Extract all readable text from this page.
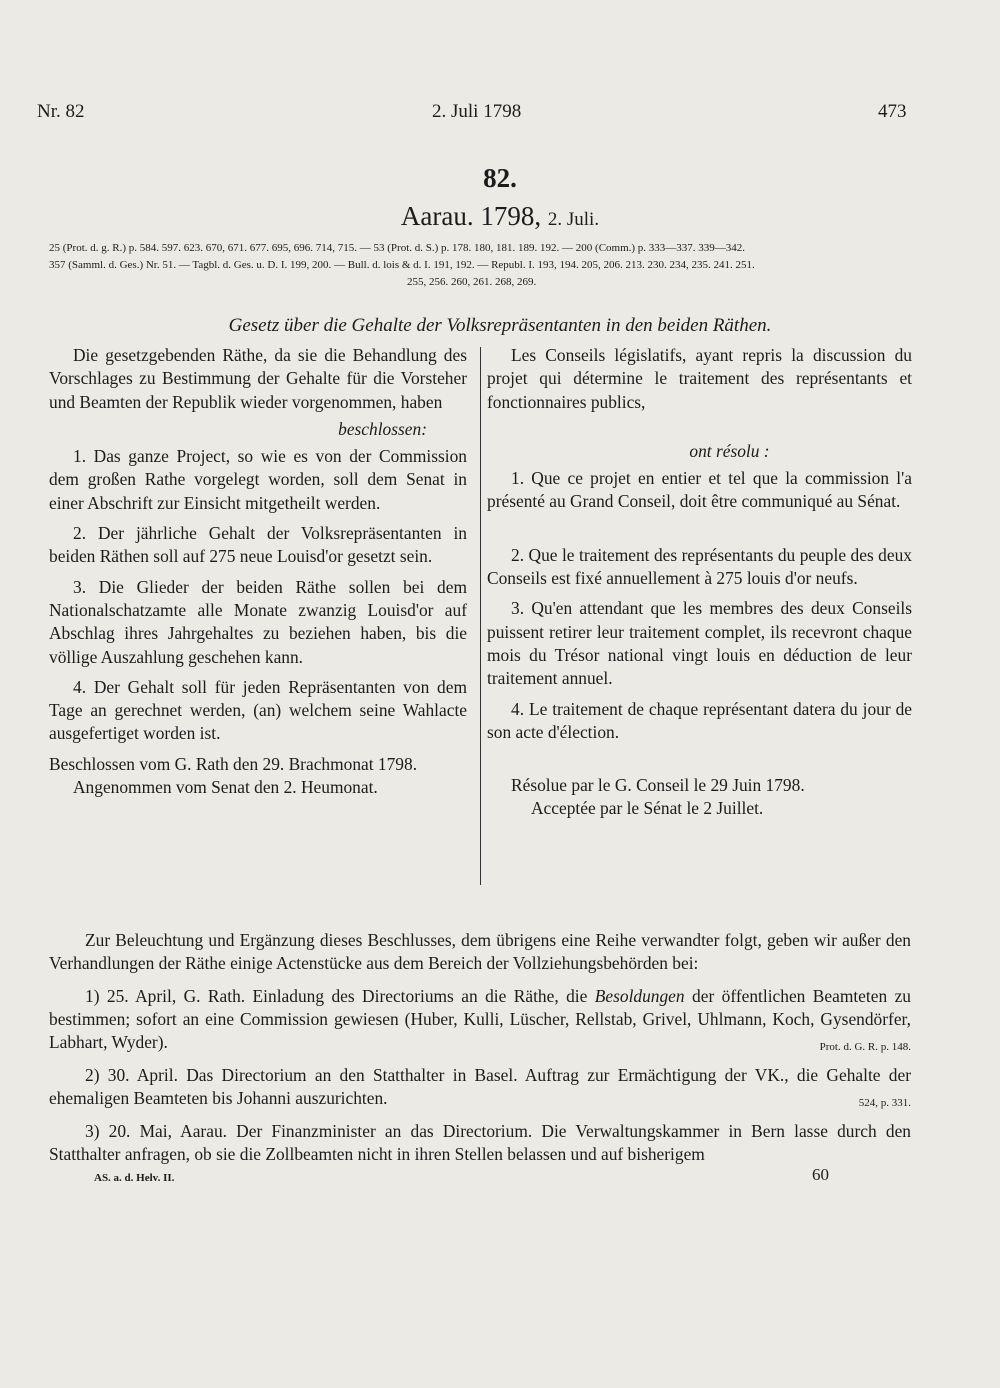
Nr. 82	2. Juli 1798	473
82.
Aarau. 1798, 2. Juli.
25 (Prot. d. g. R.) p. 584. 597. 623. 670, 671. 677. 695, 696. 714, 715. — 53 (Prot. d. S.) p. 178. 180, 181. 189. 192. — 200 (Comm.) p. 333—337. 339—342.
357 (Samml. d. Ges.) Nr. 51. — Tagbl. d. Ges. u. D. I. 199, 200. — Bull. d. lois & d. I. 191, 192. — Republ. I. 193, 194. 205, 206. 213. 230. 234, 235. 241. 251.
255, 256. 260, 261. 268, 269.
Gesetz über die Gehalte der Volksrepräsentanten in den beiden Räthen.

Die gesetzgebenden Räthe, da sie die Behandlung des Vorschlages zu Bestimmung der Gehalte für die Vorsteher und Beamten der Republik wieder vorgenommen, haben

beschlossen:

1. Das ganze Project, so wie es von der Commission dem großen Rathe vorgelegt worden, soll dem Senat in einer Abschrift zur Einsicht mitgetheilt werden.

2. Der jährliche Gehalt der Volksrepräsentanten in beiden Räthen soll auf 275 neue Louisd'or gesetzt sein.

3. Die Glieder der beiden Räthe sollen bei dem Nationalschatzamte alle Monate zwanzig Louisd'or auf Abschlag ihres Jahrgehaltes zu beziehen haben, bis die völlige Auszahlung geschehen kann.

4. Der Gehalt soll für jeden Repräsentanten von dem Tage an gerechnet werden, (an) welchem seine Wahlacte ausgefertiget worden ist.

Beschlossen vom G. Rath den 29. Brachmonat 1798.

Angenommen vom Senat den 2. Heumonat.

Les Conseils législatifs, ayant repris la discussion du projet qui détermine le traitement des représentants et fonctionnaires publics,

ont résolu :

1. Que ce projet en entier et tel que la commission l'a présenté au Grand Conseil, doit être communiqué au Sénat.

2. Que le traitement des représentants du peuple des deux Conseils est fixé annuellement à 275 louis d'or neufs.

3. Qu'en attendant que les membres des deux Conseils puissent retirer leur traitement complet, ils recevront chaque mois du Trésor national vingt louis en déduction de leur traitement annuel.

4. Le traitement de chaque représentant datera du jour de son acte d'élection.

Résolue par le G. Conseil le 29 Juin 1798.

Acceptée par le Sénat le 2 Juillet.

Zur Beleuchtung und Ergänzung dieses Beschlusses, dem übrigens eine Reihe verwandter folgt, geben wir außer den Verhandlungen der Räthe einige Actenstücke aus dem Bereich der Vollziehungsbehörden bei:

1) 25. April, G. Rath. Einladung des Directoriums an die Räthe, die Besoldungen der öffentlichen Beamteten zu bestimmen; sofort an eine Commission gewiesen (Huber, Kulli, Lüscher, Rellstab, Grivel, Uhlmann, Koch, Gysendörfer, Labhart, Wyder).	Prot. d. G. R. p. 148.

2) 30. April. Das Directorium an den Statthalter in Basel. Auftrag zur Ermächtigung der VK., die Gehalte der ehemaligen Beamteten bis Johanni auszurichten.	524, p. 331.

3) 20. Mai, Aarau. Der Finanzminister an das Directorium. Die Verwaltungskammer in Bern lasse durch den Statthalter anfragen, ob sie die Zollbeamten nicht in ihren Stellen belassen und auf bisherigem

AS. a. d. Helv. II.	60
